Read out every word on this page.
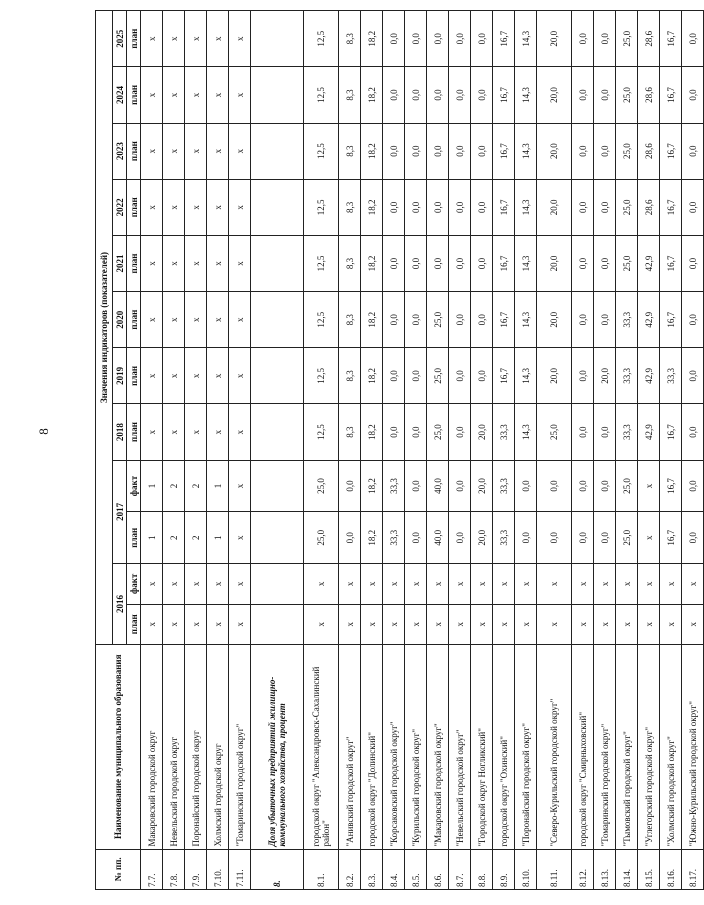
8
№ пп.	Наименование муниципального образования	Значения индикаторов (показателей)											
		2016		2017		2018	2019	2020	2021	2022	2023	2024	2025
		план	факт	план	факт	план	план	план	план	план	план	план	план
7.7.	Макаровский городской округ	x	x	1	1	x	x	x	x	x	x	x	x
7.8.	Невельский городской округ	x	x	2	2	x	x	x	x	x	x	x	x
7.9.	Поронайский городской округ	x	x	2	2	x	x	x	x	x	x	x	x
7.10.	Холмский городской округ	x	x	1	1	x	x	x	x	x	x	x	x
7.11.	"Томаринский городской округ"	x	x	x	x	x	x	x	x	x	x	x	x
8.	Доля убыточных предприятий жилищно-коммунального хозяйства, процент												
8.1.	городской округ "Александровск-Сахалинский район"	x	x	25,0	25,0	12,5	12,5	12,5	12,5	12,5	12,5	12,5	12,5
8.2.	"Анивский городской округ"	x	x	0,0	0,0	8,3	8,3	8,3	8,3	8,3	8,3	8,3	8,3
8.3.	городской округ "Долинский"	x	x	18,2	18,2	18,2	18,2	18,2	18,2	18,2	18,2	18,2	18,2
8.4.	"Корсаковский городской округ"	x	x	33,3	33,3	0,0	0,0	0,0	0,0	0,0	0,0	0,0	0,0
8.5.	"Курильский городской округ"	x	x	0,0	0,0	0,0	0,0	0,0	0,0	0,0	0,0	0,0	0,0
8.6.	"Макаровский городской округ"	x	x	40,0	40,0	25,0	25,0	25,0	0,0	0,0	0,0	0,0	0,0
8.7.	"Невельский городской округ"	x	x	0,0	0,0	0,0	0,0	0,0	0,0	0,0	0,0	0,0	0,0
8.8.	"Городской округ Ногликский"	x	x	20,0	20,0	20,0	0,0	0,0	0,0	0,0	0,0	0,0	0,0
8.9.	городской округ "Охинский"	x	x	33,3	33,3	33,3	16,7	16,7	16,7	16,7	16,7	16,7	16,7
8.10.	"Поронайский городской округ"	x	x	0,0	0,0	14,3	14,3	14,3	14,3	14,3	14,3	14,3	14,3
8.11.	"Северо-Курильский городской округ"	x	x	0,0	0,0	25,0	20,0	20,0	20,0	20,0	20,0	20,0	20,0
8.12.	городской округ "Смирныховский"	x	x	0,0	0,0	0,0	0,0	0,0	0,0	0,0	0,0	0,0	0,0
8.13.	"Томаринский городской округ"	x	x	0,0	0,0	0,0	20,0	0,0	0,0	0,0	0,0	0,0	0,0
8.14.	"Тымовский городской округ"	x	x	25,0	25,0	33,3	33,3	33,3	25,0	25,0	25,0	25,0	25,0
8.15.	"Углегорский городской округ"	x	x	x	x	42,9	42,9	42,9	42,9	28,6	28,6	28,6	28,6
8.16.	"Холмский городской округ"	x	x	16,7	16,7	16,7	33,3	16,7	16,7	16,7	16,7	16,7	16,7
8.17.	"Южно-Курильский городской округ"	x	x	0,0	0,0	0,0	0,0	0,0	0,0	0,0	0,0	0,0	0,0
